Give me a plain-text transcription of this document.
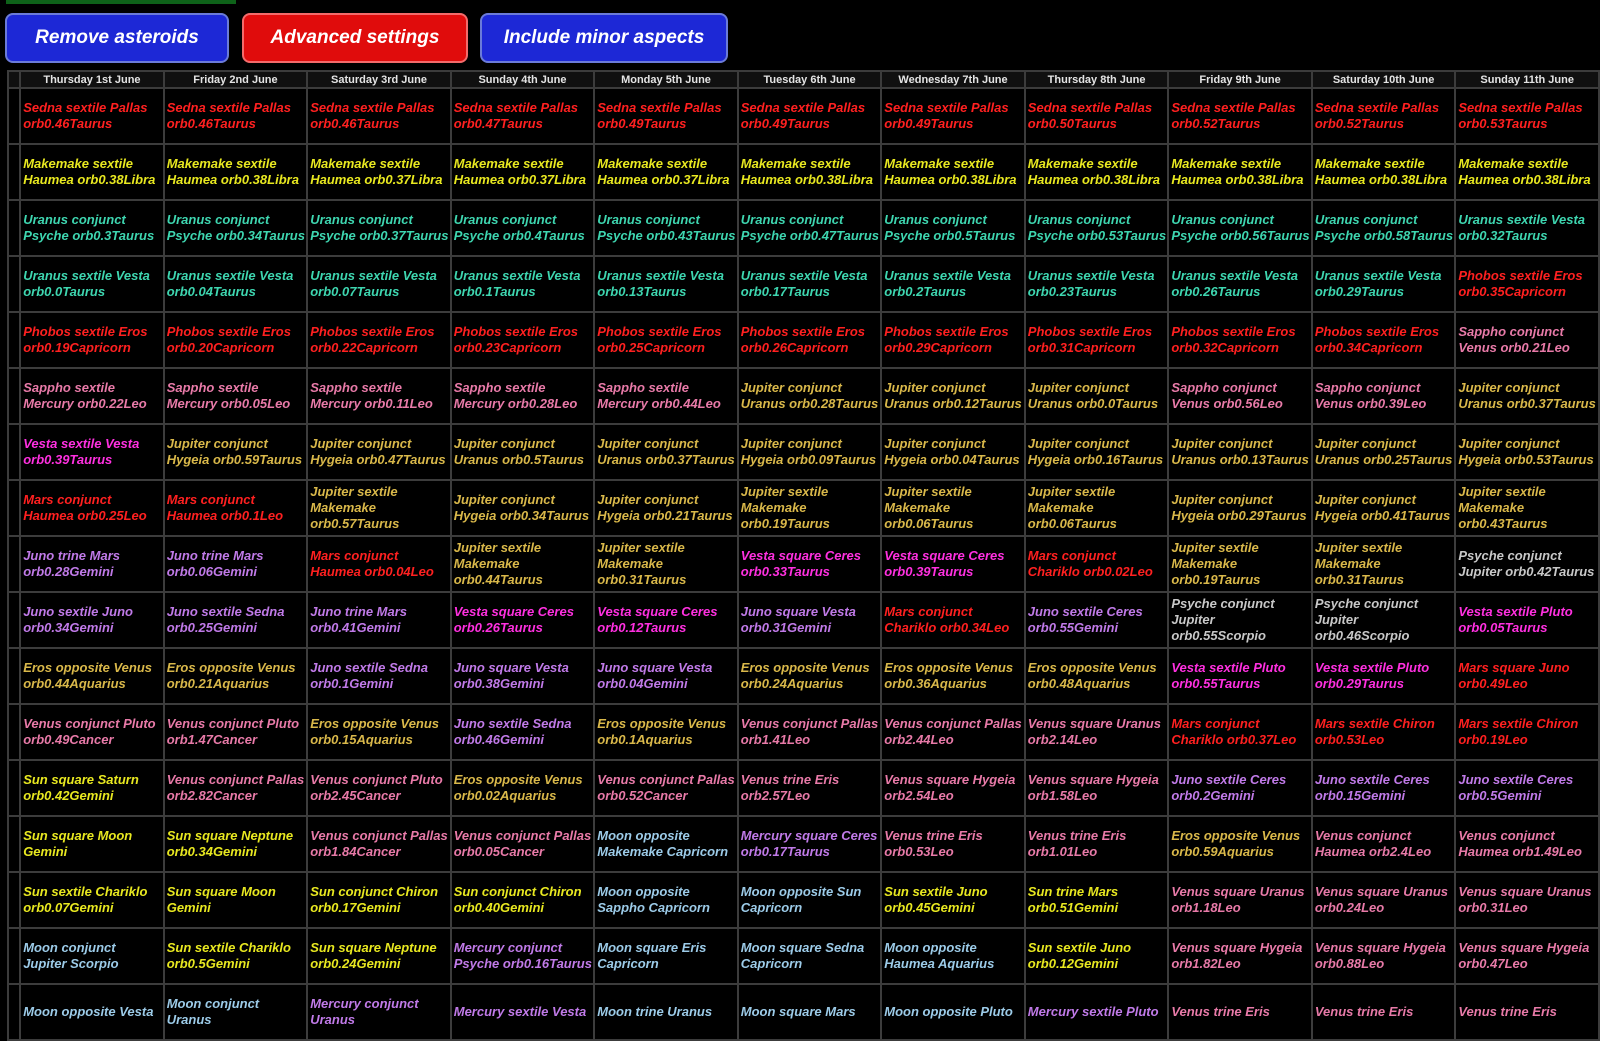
Remove asteroids	Advanced settings	Include minor aspects
	Thursday 1st June	Friday 2nd June	Saturday 3rd June	Sunday 4th June	Monday 5th June	Tuesday 6th June	Wednesday 7th June	Thursday 8th June	Friday 9th June	Saturday 10th June	Sunday 11th June
	Sedna sextile Pallas orb0.46Taurus	Sedna sextile Pallas orb0.46Taurus	Sedna sextile Pallas orb0.46Taurus	Sedna sextile Pallas orb0.47Taurus	Sedna sextile Pallas orb0.49Taurus	Sedna sextile Pallas orb0.49Taurus	Sedna sextile Pallas orb0.49Taurus	Sedna sextile Pallas orb0.50Taurus	Sedna sextile Pallas orb0.52Taurus	Sedna sextile Pallas orb0.52Taurus	Sedna sextile Pallas orb0.53Taurus
	Makemake sextile Haumea orb0.38Libra	Makemake sextile Haumea orb0.38Libra	Makemake sextile Haumea orb0.37Libra	Makemake sextile Haumea orb0.37Libra	Makemake sextile Haumea orb0.37Libra	Makemake sextile Haumea orb0.38Libra	Makemake sextile Haumea orb0.38Libra	Makemake sextile Haumea orb0.38Libra	Makemake sextile Haumea orb0.38Libra	Makemake sextile Haumea orb0.38Libra	Makemake sextile Haumea orb0.38Libra
	Uranus conjunct Psyche orb0.3Taurus	Uranus conjunct Psyche orb0.34Taurus	Uranus conjunct Psyche orb0.37Taurus	Uranus conjunct Psyche orb0.4Taurus	Uranus conjunct Psyche orb0.43Taurus	Uranus conjunct Psyche orb0.47Taurus	Uranus conjunct Psyche orb0.5Taurus	Uranus conjunct Psyche orb0.53Taurus	Uranus conjunct Psyche orb0.56Taurus	Uranus conjunct Psyche orb0.58Taurus	Uranus sextile Vesta orb0.32Taurus
	Uranus sextile Vesta orb0.0Taurus	Uranus sextile Vesta orb0.04Taurus	Uranus sextile Vesta orb0.07Taurus	Uranus sextile Vesta orb0.1Taurus	Uranus sextile Vesta orb0.13Taurus	Uranus sextile Vesta orb0.17Taurus	Uranus sextile Vesta orb0.2Taurus	Uranus sextile Vesta orb0.23Taurus	Uranus sextile Vesta orb0.26Taurus	Uranus sextile Vesta orb0.29Taurus	Phobos sextile Eros orb0.35Capricorn
	Phobos sextile Eros orb0.19Capricorn	Phobos sextile Eros orb0.20Capricorn	Phobos sextile Eros orb0.22Capricorn	Phobos sextile Eros orb0.23Capricorn	Phobos sextile Eros orb0.25Capricorn	Phobos sextile Eros orb0.26Capricorn	Phobos sextile Eros orb0.29Capricorn	Phobos sextile Eros orb0.31Capricorn	Phobos sextile Eros orb0.32Capricorn	Phobos sextile Eros orb0.34Capricorn	Sappho conjunct Venus orb0.21Leo
	Sappho sextile Mercury orb0.22Leo	Sappho sextile Mercury orb0.05Leo	Sappho sextile Mercury orb0.11Leo	Sappho sextile Mercury orb0.28Leo	Sappho sextile Mercury orb0.44Leo	Jupiter conjunct Uranus orb0.28Taurus	Jupiter conjunct Uranus orb0.12Taurus	Jupiter conjunct Uranus orb0.0Taurus	Sappho conjunct Venus orb0.56Leo	Sappho conjunct Venus orb0.39Leo	Jupiter conjunct Uranus orb0.37Taurus
	Vesta sextile Vesta orb0.39Taurus	Jupiter conjunct Hygeia orb0.59Taurus	Jupiter conjunct Hygeia orb0.47Taurus	Jupiter conjunct Uranus orb0.5Taurus	Jupiter conjunct Uranus orb0.37Taurus	Jupiter conjunct Hygeia orb0.09Taurus	Jupiter conjunct Hygeia orb0.04Taurus	Jupiter conjunct Hygeia orb0.16Taurus	Jupiter conjunct Uranus orb0.13Taurus	Jupiter conjunct Uranus orb0.25Taurus	Jupiter conjunct Hygeia orb0.53Taurus
	Mars conjunct Haumea orb0.25Leo	Mars conjunct Haumea orb0.1Leo	Jupiter sextile Makemake orb0.57Taurus	Jupiter conjunct Hygeia orb0.34Taurus	Jupiter conjunct Hygeia orb0.21Taurus	Jupiter sextile Makemake orb0.19Taurus	Jupiter sextile Makemake orb0.06Taurus	Jupiter sextile Makemake orb0.06Taurus	Jupiter conjunct Hygeia orb0.29Taurus	Jupiter conjunct Hygeia orb0.41Taurus	Jupiter sextile Makemake orb0.43Taurus
	Juno trine Mars orb0.28Gemini	Juno trine Mars orb0.06Gemini	Mars conjunct Haumea orb0.04Leo	Jupiter sextile Makemake orb0.44Taurus	Jupiter sextile Makemake orb0.31Taurus	Vesta square Ceres orb0.33Taurus	Vesta square Ceres orb0.39Taurus	Mars conjunct Chariklo orb0.02Leo	Jupiter sextile Makemake orb0.19Taurus	Jupiter sextile Makemake orb0.31Taurus	Psyche conjunct Jupiter orb0.42Taurus
	Juno sextile Juno orb0.34Gemini	Juno sextile Sedna orb0.25Gemini	Juno trine Mars orb0.41Gemini	Vesta square Ceres orb0.26Taurus	Vesta square Ceres orb0.12Taurus	Juno square Vesta orb0.31Gemini	Mars conjunct Chariklo orb0.34Leo	Juno sextile Ceres orb0.55Gemini	Psyche conjunct Jupiter orb0.55Scorpio	Psyche conjunct Jupiter orb0.46Scorpio	Vesta sextile Pluto orb0.05Taurus
	Eros opposite Venus orb0.44Aquarius	Eros opposite Venus orb0.21Aquarius	Juno sextile Sedna orb0.1Gemini	Juno square Vesta orb0.38Gemini	Juno square Vesta orb0.04Gemini	Eros opposite Venus orb0.24Aquarius	Eros opposite Venus orb0.36Aquarius	Eros opposite Venus orb0.48Aquarius	Vesta sextile Pluto orb0.55Taurus	Vesta sextile Pluto orb0.29Taurus	Mars square Juno orb0.49Leo
	Venus conjunct Pluto orb0.49Cancer	Venus conjunct Pluto orb1.47Cancer	Eros opposite Venus orb0.15Aquarius	Juno sextile Sedna orb0.46Gemini	Eros opposite Venus orb0.1Aquarius	Venus conjunct Pallas orb1.41Leo	Venus conjunct Pallas orb2.44Leo	Venus square Uranus orb2.14Leo	Mars conjunct Chariklo orb0.37Leo	Mars sextile Chiron orb0.53Leo	Mars sextile Chiron orb0.19Leo
	Sun square Saturn orb0.42Gemini	Venus conjunct Pallas orb2.82Cancer	Venus conjunct Pluto orb2.45Cancer	Eros opposite Venus orb0.02Aquarius	Venus conjunct Pallas orb0.52Cancer	Venus trine Eris orb2.57Leo	Venus square Hygeia orb2.54Leo	Venus square Hygeia orb1.58Leo	Juno sextile Ceres orb0.2Gemini	Juno sextile Ceres orb0.15Gemini	Juno sextile Ceres orb0.5Gemini
	Sun square Moon Gemini	Sun square Neptune orb0.34Gemini	Venus conjunct Pallas orb1.84Cancer	Venus conjunct Pallas orb0.05Cancer	Moon opposite Makemake Capricorn	Mercury square Ceres orb0.17Taurus	Venus trine Eris orb0.53Leo	Venus trine Eris orb1.01Leo	Eros opposite Venus orb0.59Aquarius	Venus conjunct Haumea orb2.4Leo	Venus conjunct Haumea orb1.49Leo
	Sun sextile Chariklo orb0.07Gemini	Sun square Moon Gemini	Sun conjunct Chiron orb0.17Gemini	Sun conjunct Chiron orb0.40Gemini	Moon opposite Sappho Capricorn	Moon opposite Sun Capricorn	Sun sextile Juno orb0.45Gemini	Sun trine Mars orb0.51Gemini	Venus square Uranus orb1.18Leo	Venus square Uranus orb0.24Leo	Venus square Uranus orb0.31Leo
	Moon conjunct Jupiter Scorpio	Sun sextile Chariklo orb0.5Gemini	Sun square Neptune orb0.24Gemini	Mercury conjunct Psyche orb0.16Taurus	Moon square Eris Capricorn	Moon square Sedna Capricorn	Moon opposite Haumea Aquarius	Sun sextile Juno orb0.12Gemini	Venus square Hygeia orb1.82Leo	Venus square Hygeia orb0.88Leo	Venus square Hygeia orb0.47Leo
	Moon opposite Vesta	Moon conjunct Uranus	Mercury conjunct Uranus	Mercury sextile Vesta	Moon trine Uranus	Moon square Mars	Moon opposite Pluto	Mercury sextile Pluto	Venus trine Eris	Venus trine Eris	Venus trine Eris
